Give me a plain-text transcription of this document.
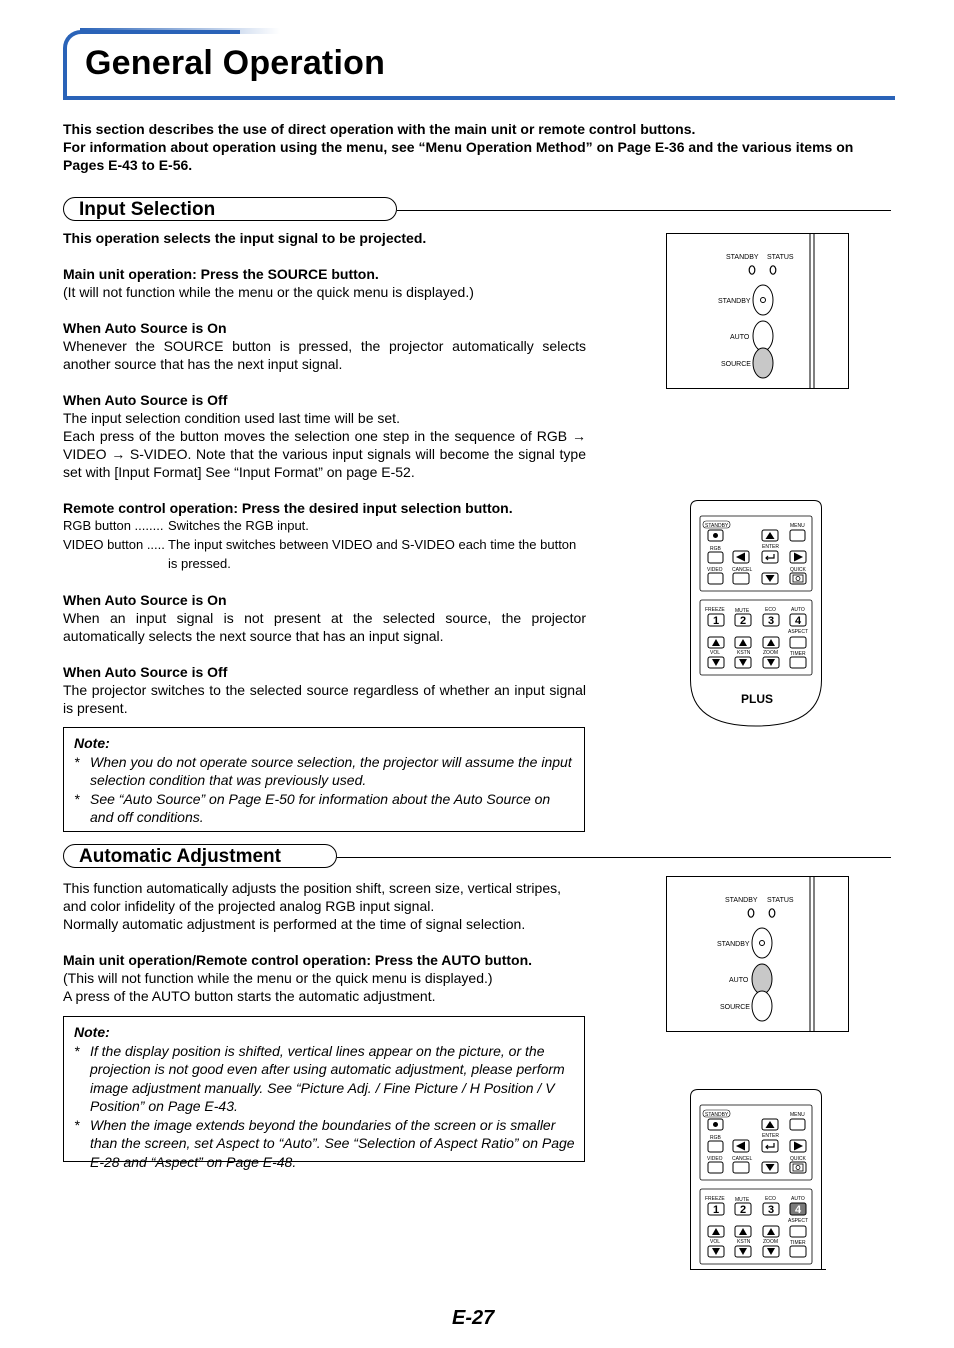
General Operation
This section describes the use of direct operation with the main unit or remote control buttons.
For information about operation using the menu, see “Menu Operation Method” on Page E-36 and the various items on Pages E-43 to E-56.
Input Selection

This operation selects the input signal to be projected.

Main unit operation: Press the SOURCE button.

(It will not function while the menu or the quick menu is displayed.)

When Auto Source is On

Whenever the SOURCE button is pressed, the projector automatically selects another source that has the next input signal.

When Auto Source is Off

The input selection condition used last time will be set.

Each press of the button moves the selection one step in the sequence of RGB → VIDEO → S-VIDEO. Note that the various input signals will become the signal type set with [Input Format] See “Input Format” on page E-52.

Remote control operation: Press the desired input selection button.

RGB button ........ Switches the RGB input.
VIDEO button ..... The input switches between VIDEO and S-VIDEO each time the button is pressed.

When Auto Source is On

When an input signal is not present at the selected source, the projector automatically selects the next source that has an input signal.

When Auto Source is Off

The projector switches to the selected source regardless of whether an input signal is present.

Note:
* When you do not operate source selection, the projector will assume the input selection condition that was previously used.
* See “Auto Source” on Page E-50 for information about the Auto Source on and off conditions.
Automatic Adjustment

This function automatically adjusts the position shift, screen size, vertical stripes, and color infidelity of the projected analog RGB input signal.

Normally automatic adjustment is performed at the time of signal selection.

Main unit operation/Remote control operation: Press the AUTO button.

(This will not function while the menu or the quick menu is displayed.)

A press of the AUTO button starts the automatic adjustment.

Note:
* If the display position is shifted, vertical lines appear on the picture, or the projection is not good even after using automatic adjustment, please perform image adjustment manually. See “Picture Adj. / Fine Picture / H Position / V Position” on Page E-43.
* When the image extends beyond the boundaries of the screen or is smaller than the screen, set Aspect to “Auto”. See “Selection of Aspect Ratio” on Page E-28 and “Aspect” on Page E-48.
STANDBY STATUS
STANDBY
AUTO
SOURCE
STANDBY STATUS
STANDBY
AUTO
SOURCE
STANDBY	MENU
RGB	ENTER
VIDEO CANCEL	QUICK
FREEZE MUTE	ECO	AUTO
1 2 3 4
ASPECT
VOL	KSTN	ZOOM TIMER
PLUS
STANDBY	MENU
RGB	ENTER
VIDEO CANCEL	QUICK
FREEZE MUTE	ECO	AUTO
1 2 3 4
ASPECT
VOL	KSTN	ZOOM TIMER
E-27
